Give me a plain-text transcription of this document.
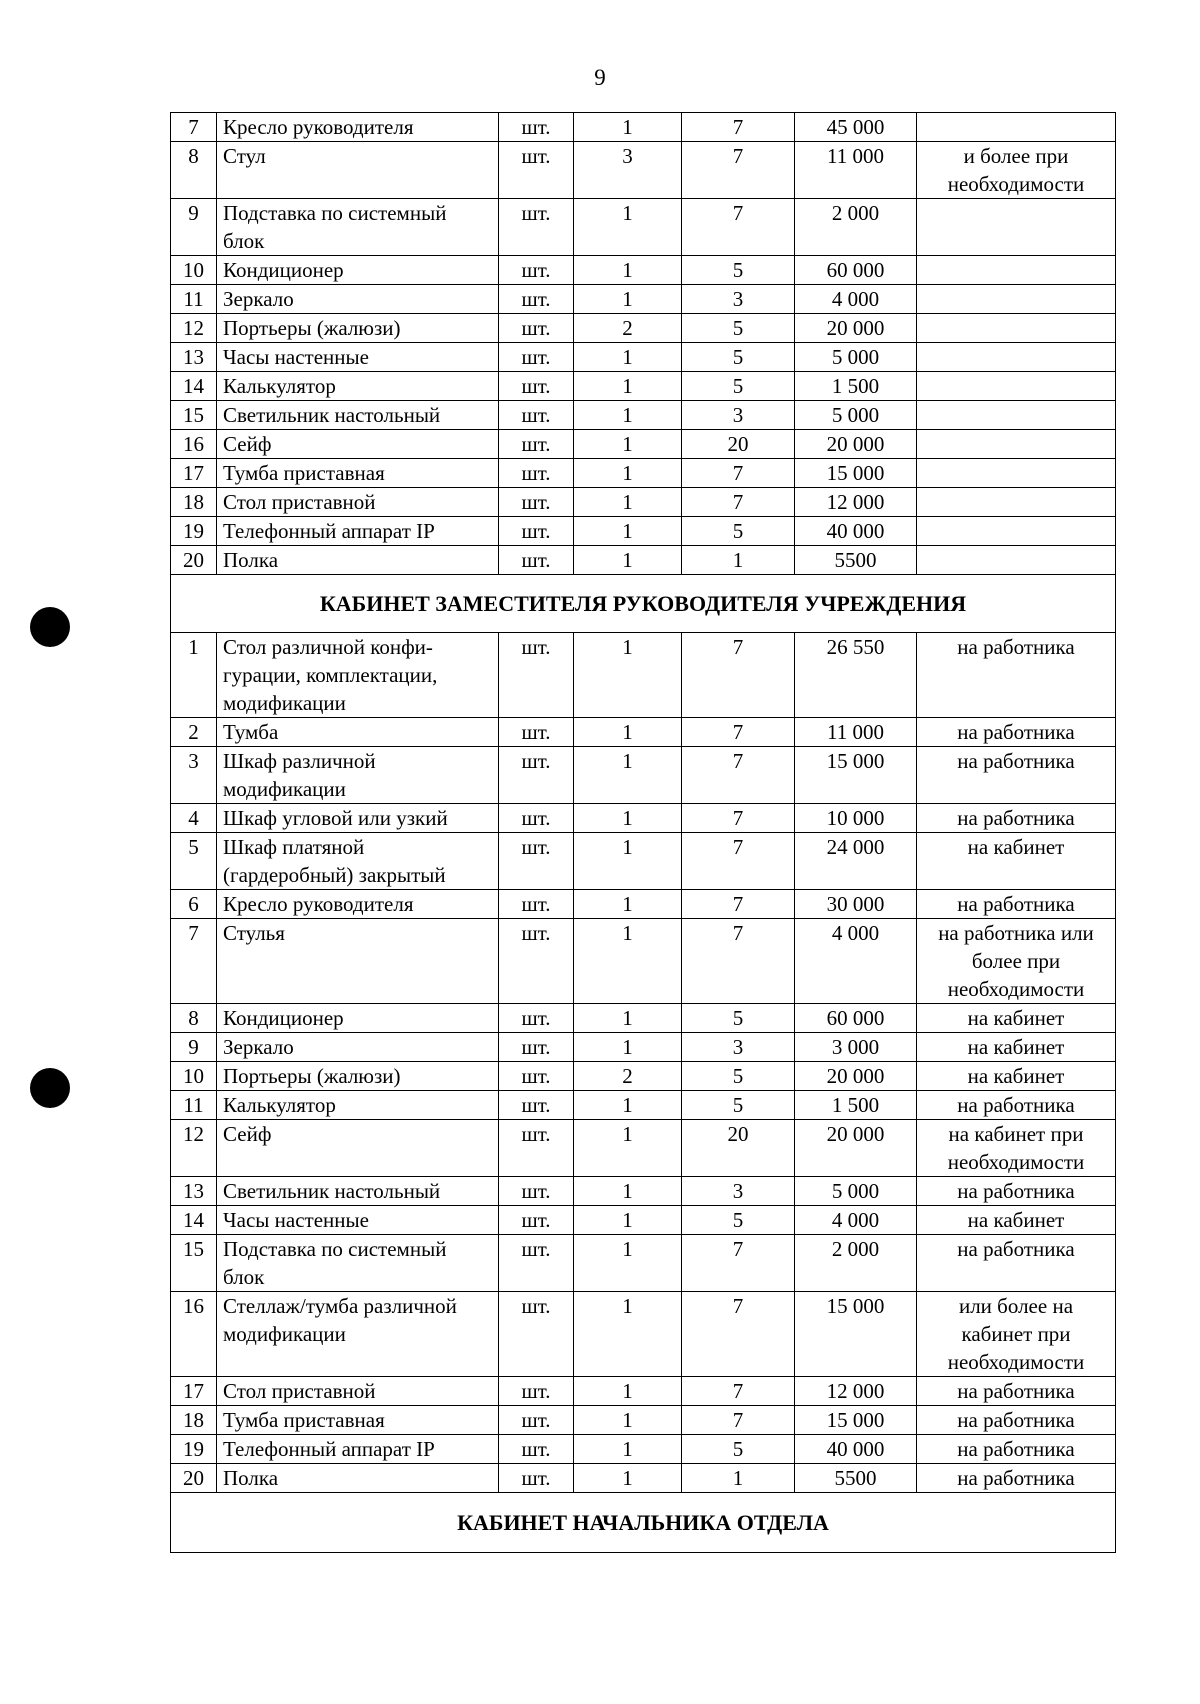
9
7	Кресло руководителя	шт.	1	7	45 000	
8	Стул	шт.	3	7	11 000	и более при необходимости
9	Подставка по системный блок	шт.	1	7	2 000	
10	Кондиционер	шт.	1	5	60 000	
11	Зеркало	шт.	1	3	4 000	
12	Портьеры (жалюзи)	шт.	2	5	20 000	
13	Часы настенные	шт.	1	5	5 000	
14	Калькулятор	шт.	1	5	1 500	
15	Светильник настольный	шт.	1	3	5 000	
16	Сейф	шт.	1	20	20 000	
17	Тумба приставная	шт.	1	7	15 000	
18	Стол приставной	шт.	1	7	12 000	
19	Телефонный аппарат IP	шт.	1	5	40 000	
20	Полка	шт.	1	1	5500	
КАБИНЕТ ЗАМЕСТИТЕЛЯ РУКОВОДИТЕЛЯ УЧРЕЖДЕНИЯ						
1	Стол различной конфи-гурации, комплектации, модификации	шт.	1	7	26 550	на работника
2	Тумба	шт.	1	7	11 000	на работника
3	Шкаф различной модификации	шт.	1	7	15 000	на работника
4	Шкаф угловой или узкий	шт.	1	7	10 000	на работника
5	Шкаф платяной (гардеробный) закрытый	шт.	1	7	24 000	на кабинет
6	Кресло руководителя	шт.	1	7	30 000	на работника
7	Стулья	шт.	1	7	4 000	на работника или более при необходимости
8	Кондиционер	шт.	1	5	60 000	на кабинет
9	Зеркало	шт.	1	3	3 000	на кабинет
10	Портьеры (жалюзи)	шт.	2	5	20 000	на кабинет
11	Калькулятор	шт.	1	5	1 500	на работника
12	Сейф	шт.	1	20	20 000	на кабинет при необходимости
13	Светильник настольный	шт.	1	3	5 000	на работника
14	Часы настенные	шт.	1	5	4 000	на кабинет
15	Подставка по системный блок	шт.	1	7	2 000	на работника
16	Стеллаж/тумба различной модификации	шт.	1	7	15 000	или более на кабинет при необходимости
17	Стол приставной	шт.	1	7	12 000	на работника
18	Тумба приставная	шт.	1	7	15 000	на работника
19	Телефонный аппарат IP	шт.	1	5	40 000	на работника
20	Полка	шт.	1	1	5500	на работника
КАБИНЕТ НАЧАЛЬНИКА ОТДЕЛА						
